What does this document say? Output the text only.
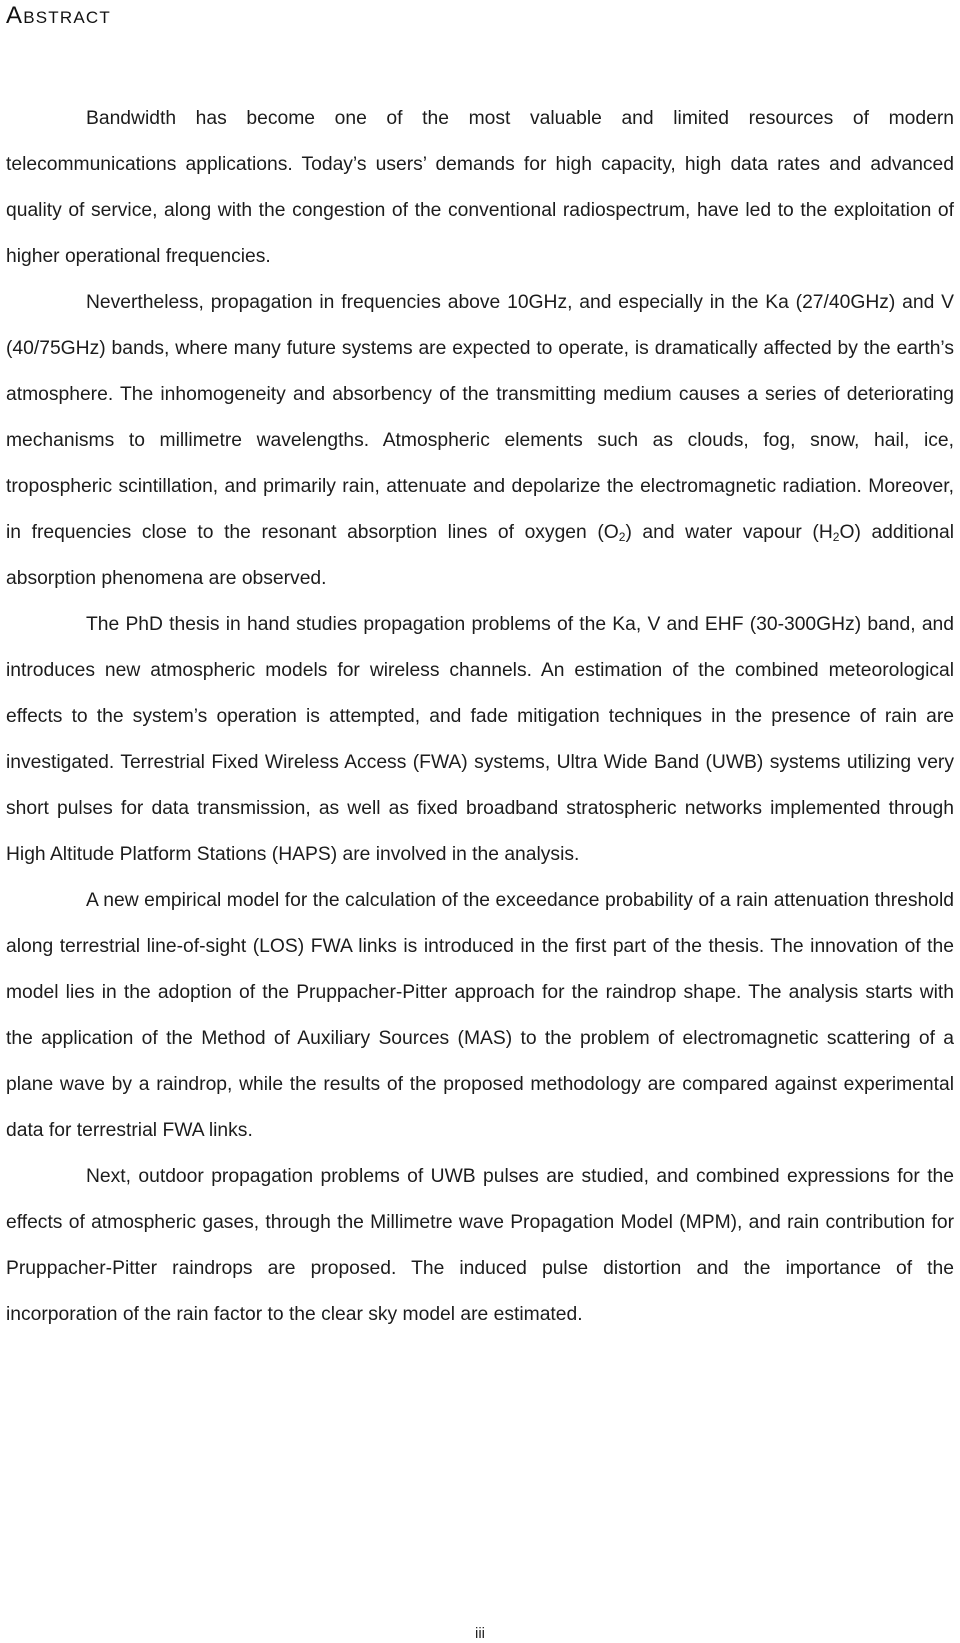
ABSTRACT

Bandwidth has become one of the most valuable and limited resources of modern telecommunications applications. Today’s users’ demands for high capacity, high data rates and advanced quality of service, along with the congestion of the conventional radiospectrum, have led to the exploitation of higher operational frequencies.

Nevertheless, propagation in frequencies above 10GHz, and especially in the Ka (27/40GHz) and V (40/75GHz) bands, where many future systems are expected to operate, is dramatically affected by the earth’s atmosphere. The inhomogeneity and absorbency of the transmitting medium causes a series of deteriorating mechanisms to millimetre wavelengths. Atmospheric elements such as clouds, fog, snow, hail, ice, tropospheric scintillation, and primarily rain, attenuate and depolarize the electromagnetic radiation. Moreover, in frequencies close to the resonant absorption lines of oxygen $(O_2)$ and water vapour $(H_2O)$ additional absorption phenomena are observed.

The PhD thesis in hand studies propagation problems of the Ka, V and EHF (30-300GHz) band, and introduces new atmospheric models for wireless channels. An estimation of the combined meteorological effects to the system’s operation is attempted, and fade mitigation techniques in the presence of rain are investigated. Terrestrial Fixed Wireless Access (FWA) systems, Ultra Wide Band (UWB) systems utilizing very short pulses for data transmission, as well as fixed broadband stratospheric networks implemented through High Altitude Platform Stations (HAPS) are involved in the analysis.

A new empirical model for the calculation of the exceedance probability of a rain attenuation threshold along terrestrial line-of-sight (LOS) FWA links is introduced in the first part of the thesis. The innovation of the model lies in the adoption of the Pruppacher-Pitter approach for the raindrop shape. The analysis starts with the application of the Method of Auxiliary Sources (MAS) to the problem of electromagnetic scattering of a plane wave by a raindrop, while the results of the proposed methodology are compared against experimental data for terrestrial FWA links.

Next, outdoor propagation problems of UWB pulses are studied, and combined expressions for the effects of atmospheric gases, through the Millimetre wave Propagation Model (MPM), and rain contribution for Pruppacher-Pitter raindrops are proposed. The induced pulse distortion and the importance of the incorporation of the rain factor to the clear sky model are estimated.

iii
